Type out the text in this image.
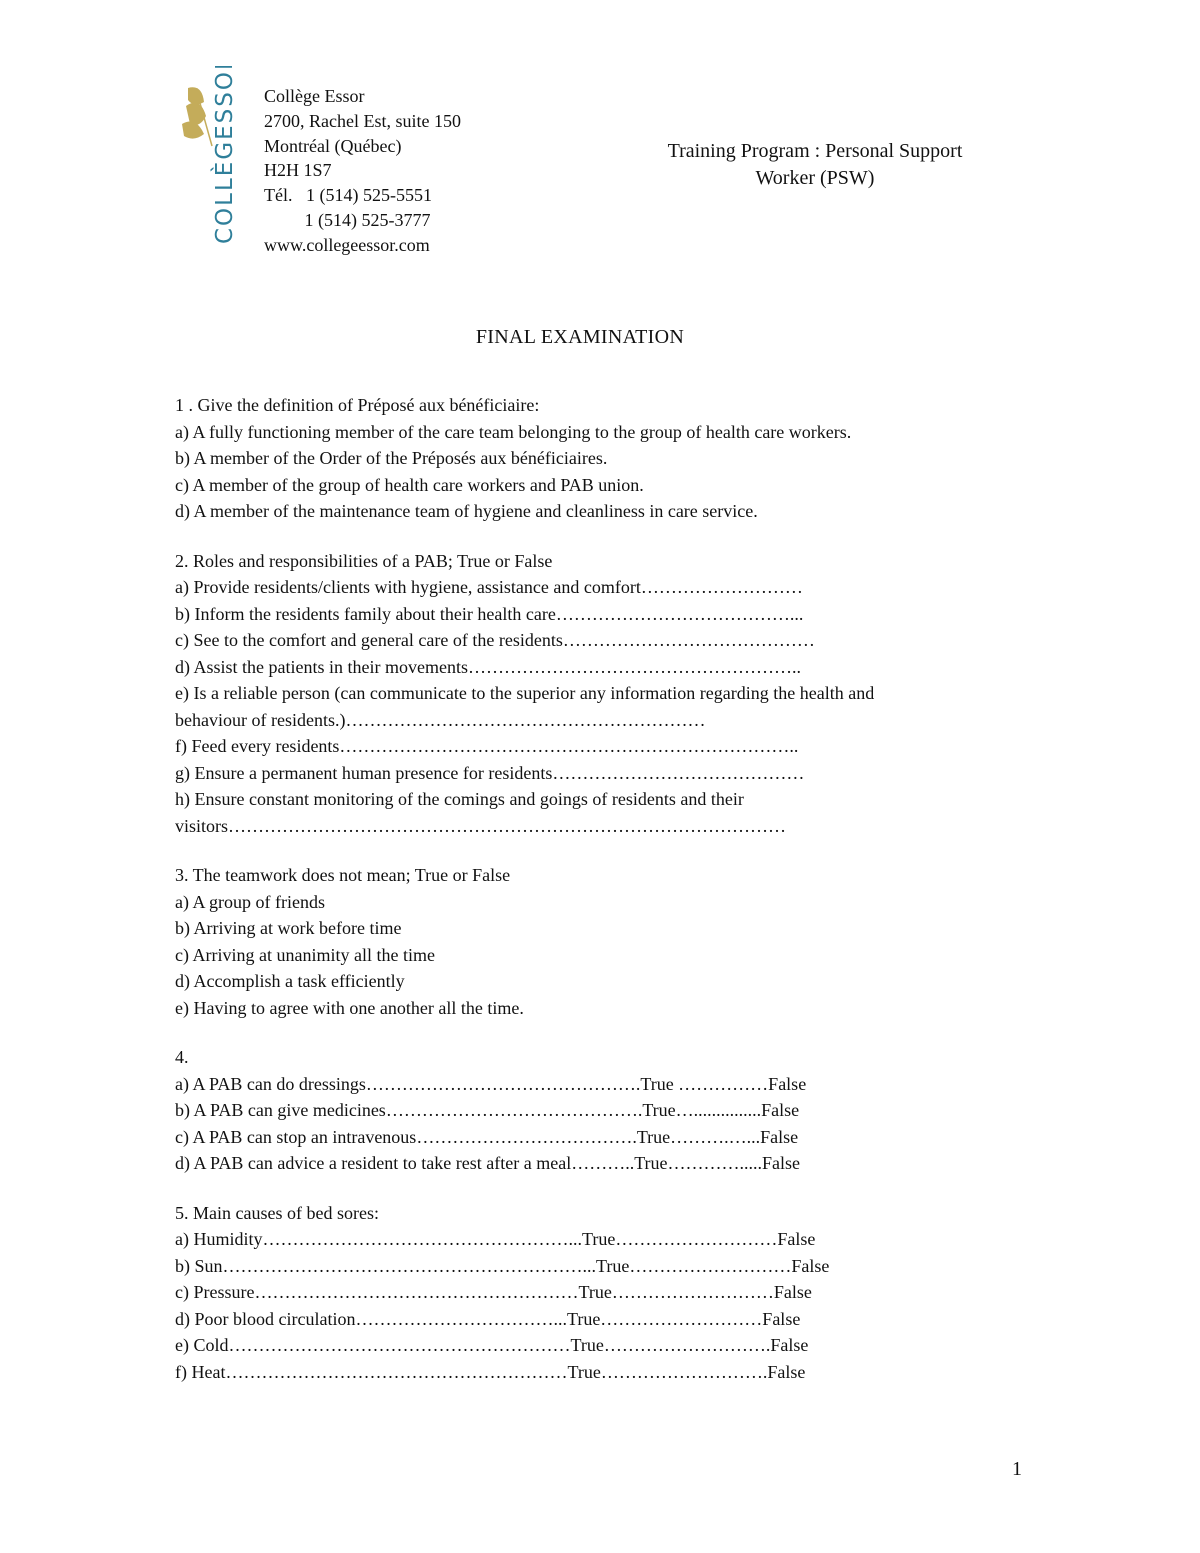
COLLÈGESSOR Collège Essor
2700, Rachel Est, suite 150
Montréal (Québec)
H2H 1S7
Tél.   1 (514) 525-5551
1 (514) 525-3777
www.collegeessor.com
Training Program : Personal Support
Worker (PSW)
FINAL EXAMINATION
1 . Give the definition of Préposé aux bénéficiaire:
a) A fully functioning member of the care team belonging to the group of health care workers.
b) A member of the Order of the Préposés aux bénéficiaires.
c) A member of the group of health care workers and PAB union.
d) A member of the maintenance team of hygiene and cleanliness in care service.
2. Roles and responsibilities of a PAB; True or False
a) Provide residents/clients with hygiene, assistance and comfort………………………
b) Inform the residents family about their health care…………………………………...
c) See to the comfort and general care of the residents……………………………………
d) Assist the patients in their movements………………………………………………..
e) Is a reliable person (can communicate to the superior any information regarding the health and
behaviour of residents.)……………………………………………………
f) Feed every residents…………………………………………………………………..
g) Ensure a permanent human presence for residents……………………………………
h) Ensure constant monitoring of the comings and goings of residents and their
visitors…………………………………………………………………………………
3. The teamwork does not mean; True or False
a) A group of friends
b) Arriving at work before time
c) Arriving at unanimity all the time
d) Accomplish a task efficiently
e) Having to agree with one another all the time.
4.
a) A PAB can do dressings……………………………………….True ……………False
b) A PAB can give medicines…………………………………….True…...............False
c) A PAB can stop an intravenous……………………………….True……….…...False
d) A PAB can advice a resident to take rest after a meal………..True………….....False
5. Main causes of bed sores:
a) Humidity……………………………………………...True………………………False
b) Sun……………………………………………………...True………………………False
c) Pressure………………………………………………True………………………False
d) Poor blood circulation……………………………...True………………………False
e) Cold…………………………………………………True……………………….False
f) Heat…………………………………………………True……………………….False
1
